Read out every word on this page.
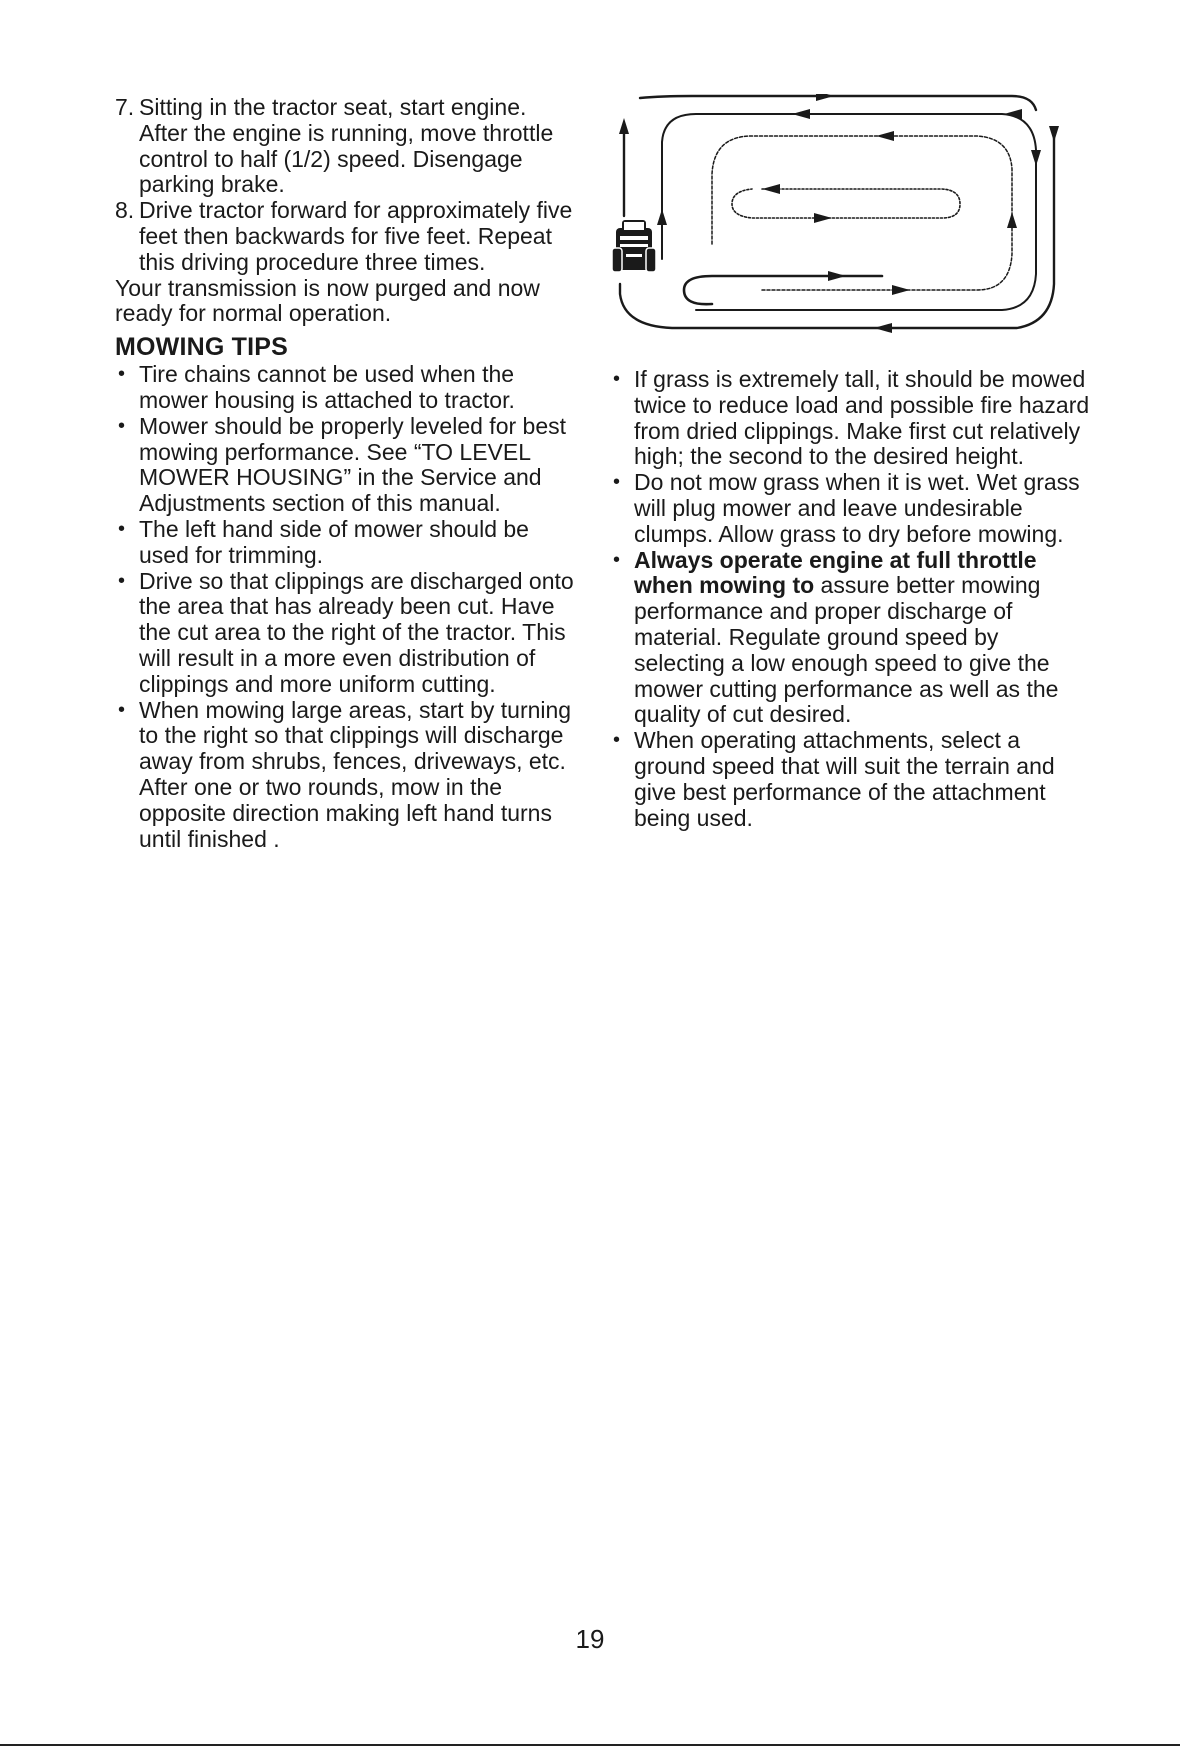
7. Sitting in the tractor seat, start engine. After the engine is running, move throttle control to half (1/2) speed. Disengage parking brake.
8. Drive tractor forward for approximately five feet then backwards for five feet. Repeat this driving procedure three times.

Your transmission is now purged and now ready for normal operation.

MOWING TIPS
• Tire chains cannot be used when the mower housing is attached to tractor.
• Mower should be properly leveled for best mowing performance. See “TO LEVEL MOWER HOUSING” in the Service and Adjustments section of this manual.
• The left hand side of mower should be used for trimming.
• Drive so that clippings are discharged onto the area that has already been cut. Have the cut area to the right of the tractor. This will result in a more even distribution of clippings and more uniform cutting.
• When mowing large areas, start by turning to the right so that clippings will discharge away from shrubs, fences, driveways, etc. After one or two rounds, mow in the opposite direction making left hand turns until finished .
• If grass is extremely tall, it should be mowed twice to reduce load and possible fire hazard from dried clippings. Make first cut relatively high; the second to the desired height.
• Do not mow grass when it is wet. Wet grass will plug mower and leave undesirable clumps. Allow grass to dry before mowing.
• Always operate engine at full throttle when mowing to assure better mowing performance and proper discharge of material. Regulate ground speed by selecting a low enough speed to give the mower cutting performance as well as the quality of cut desired.
• When operating attachments, select a ground speed that will suit the terrain and give best performance of the attachment being used.
19
